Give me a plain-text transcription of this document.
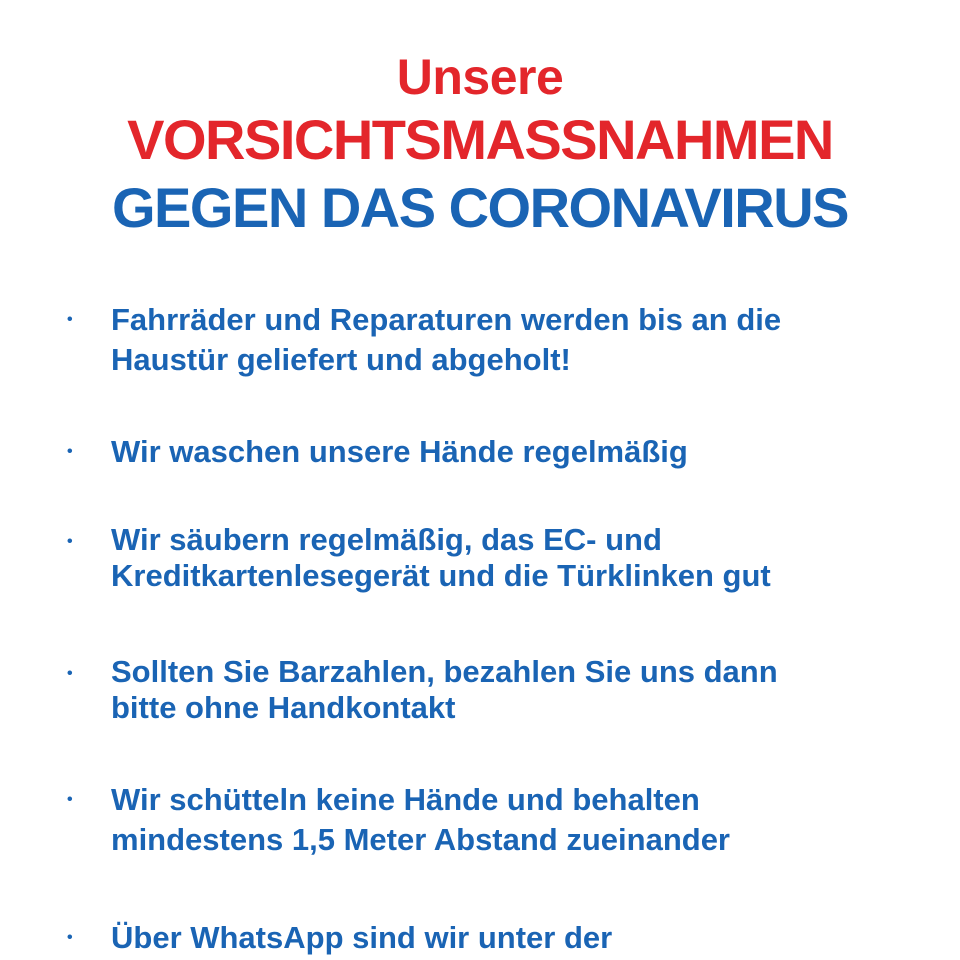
Unsere
VORSICHTSMASSNAHMEN
GEGEN DAS CORONAVIRUS
• Fahrräder und Reparaturen werden bis an die
Haustür geliefert und abgeholt!
• Wir waschen unsere Hände regelmäßig
• Wir säubern regelmäßig, das EC- und
Kreditkartenlesegerät und die Türklinken gut
• Sollten Sie Barzahlen, bezahlen Sie uns dann
bitte ohne Handkontakt
• Wir schütteln keine Hände und behalten
mindestens 1,5 Meter Abstand zueinander
• Über WhatsApp sind wir unter der
